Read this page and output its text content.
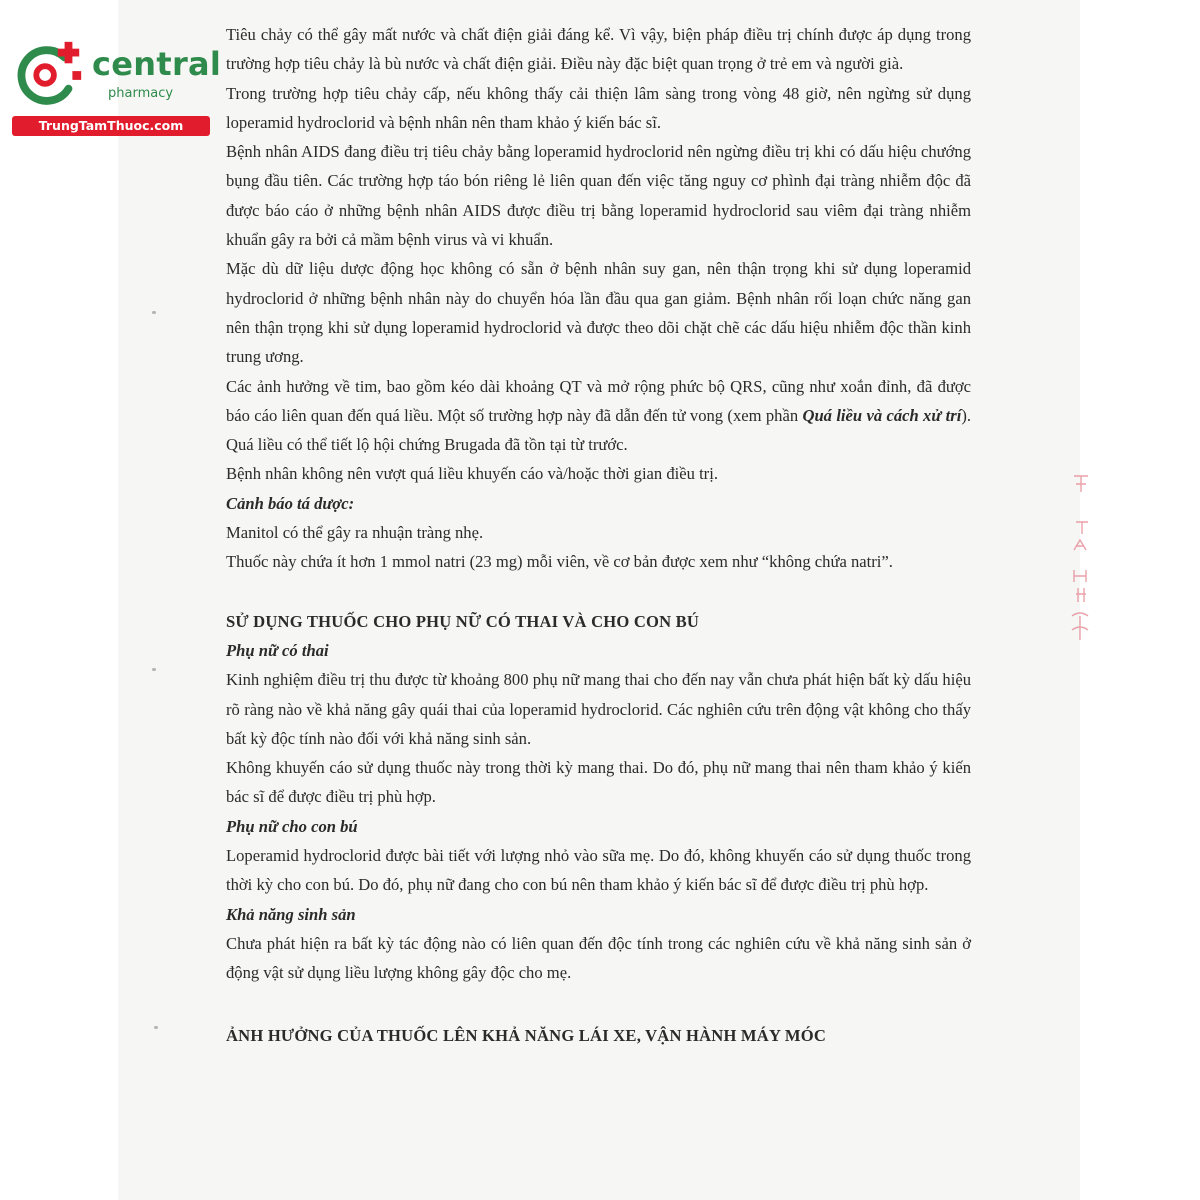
central
pharmacy
TrungTamThuoc.com

Tiêu chảy có thể gây mất nước và chất điện giải đáng kể. Vì vậy, biện pháp điều trị chính được áp dụng trong trường hợp tiêu chảy là bù nước và chất điện giải. Điều này đặc biệt quan trọng ở trẻ em và người già.

Trong trường hợp tiêu chảy cấp, nếu không thấy cải thiện lâm sàng trong vòng 48 giờ, nên ngừng sử dụng loperamid hydroclorid và bệnh nhân nên tham khảo ý kiến bác sĩ.

Bệnh nhân AIDS đang điều trị tiêu chảy bằng loperamid hydroclorid nên ngừng điều trị khi có dấu hiệu chướng bụng đầu tiên. Các trường hợp táo bón riêng lẻ liên quan đến việc tăng nguy cơ phình đại tràng nhiễm độc đã được báo cáo ở những bệnh nhân AIDS được điều trị bằng loperamid hydroclorid sau viêm đại tràng nhiễm khuẩn gây ra bởi cả mầm bệnh virus và vi khuẩn.

Mặc dù dữ liệu dược động học không có sẵn ở bệnh nhân suy gan, nên thận trọng khi sử dụng loperamid hydroclorid ở những bệnh nhân này do chuyển hóa lần đầu qua gan giảm. Bệnh nhân rối loạn chức năng gan nên thận trọng khi sử dụng loperamid hydroclorid và được theo dõi chặt chẽ các dấu hiệu nhiễm độc thần kinh trung ương.

Các ảnh hưởng về tim, bao gồm kéo dài khoảng QT và mở rộng phức bộ QRS, cũng như xoắn đỉnh, đã được báo cáo liên quan đến quá liều. Một số trường hợp này đã dẫn đến tử vong (xem phần Quá liều và cách xử trí). Quá liều có thể tiết lộ hội chứng Brugada đã tồn tại từ trước.

Bệnh nhân không nên vượt quá liều khuyến cáo và/hoặc thời gian điều trị.

Cảnh báo tá dược:

Manitol có thể gây ra nhuận tràng nhẹ.

Thuốc này chứa ít hơn 1 mmol natri (23 mg) mỗi viên, về cơ bản được xem như “không chứa natri”.

SỬ DỤNG THUỐC CHO PHỤ NỮ CÓ THAI VÀ CHO CON BÚ

Phụ nữ có thai

Kinh nghiệm điều trị thu được từ khoảng 800 phụ nữ mang thai cho đến nay vẫn chưa phát hiện bất kỳ dấu hiệu rõ ràng nào về khả năng gây quái thai của loperamid hydroclorid. Các nghiên cứu trên động vật không cho thấy bất kỳ độc tính nào đối với khả năng sinh sản.

Không khuyến cáo sử dụng thuốc này trong thời kỳ mang thai. Do đó, phụ nữ mang thai nên tham khảo ý kiến bác sĩ để được điều trị phù hợp.

Phụ nữ cho con bú

Loperamid hydroclorid được bài tiết với lượng nhỏ vào sữa mẹ. Do đó, không khuyến cáo sử dụng thuốc trong thời kỳ cho con bú. Do đó, phụ nữ đang cho con bú nên tham khảo ý kiến bác sĩ để được điều trị phù hợp.

Khả năng sinh sản

Chưa phát hiện ra bất kỳ tác động nào có liên quan đến độc tính trong các nghiên cứu về khả năng sinh sản ở động vật sử dụng liều lượng không gây độc cho mẹ.

ẢNH HƯỞNG CỦA THUỐC LÊN KHẢ NĂNG LÁI XE, VẬN HÀNH MÁY MÓC
